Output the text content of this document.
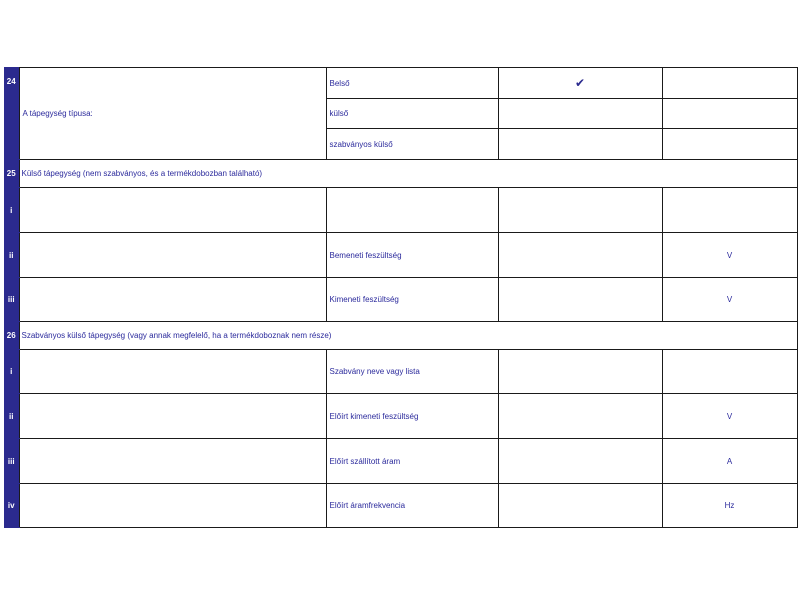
24	A tápegység típusa:	Belső	✔	
		külső		
		szabványos külső		
25	Külső tápegység (nem szabványos, és a termékdobozban található)			
i				
ii		Bemeneti feszültség		V
iii		Kimeneti feszültség		V
26	Szabványos külső tápegység (vagy annak megfelelő, ha a termékdoboznak nem része)			
i		Szabvány neve vagy lista		
ii		Előírt kimeneti feszültség		V
iii		Előírt szállított áram		A
iv		Előírt áramfrekvencia		Hz
